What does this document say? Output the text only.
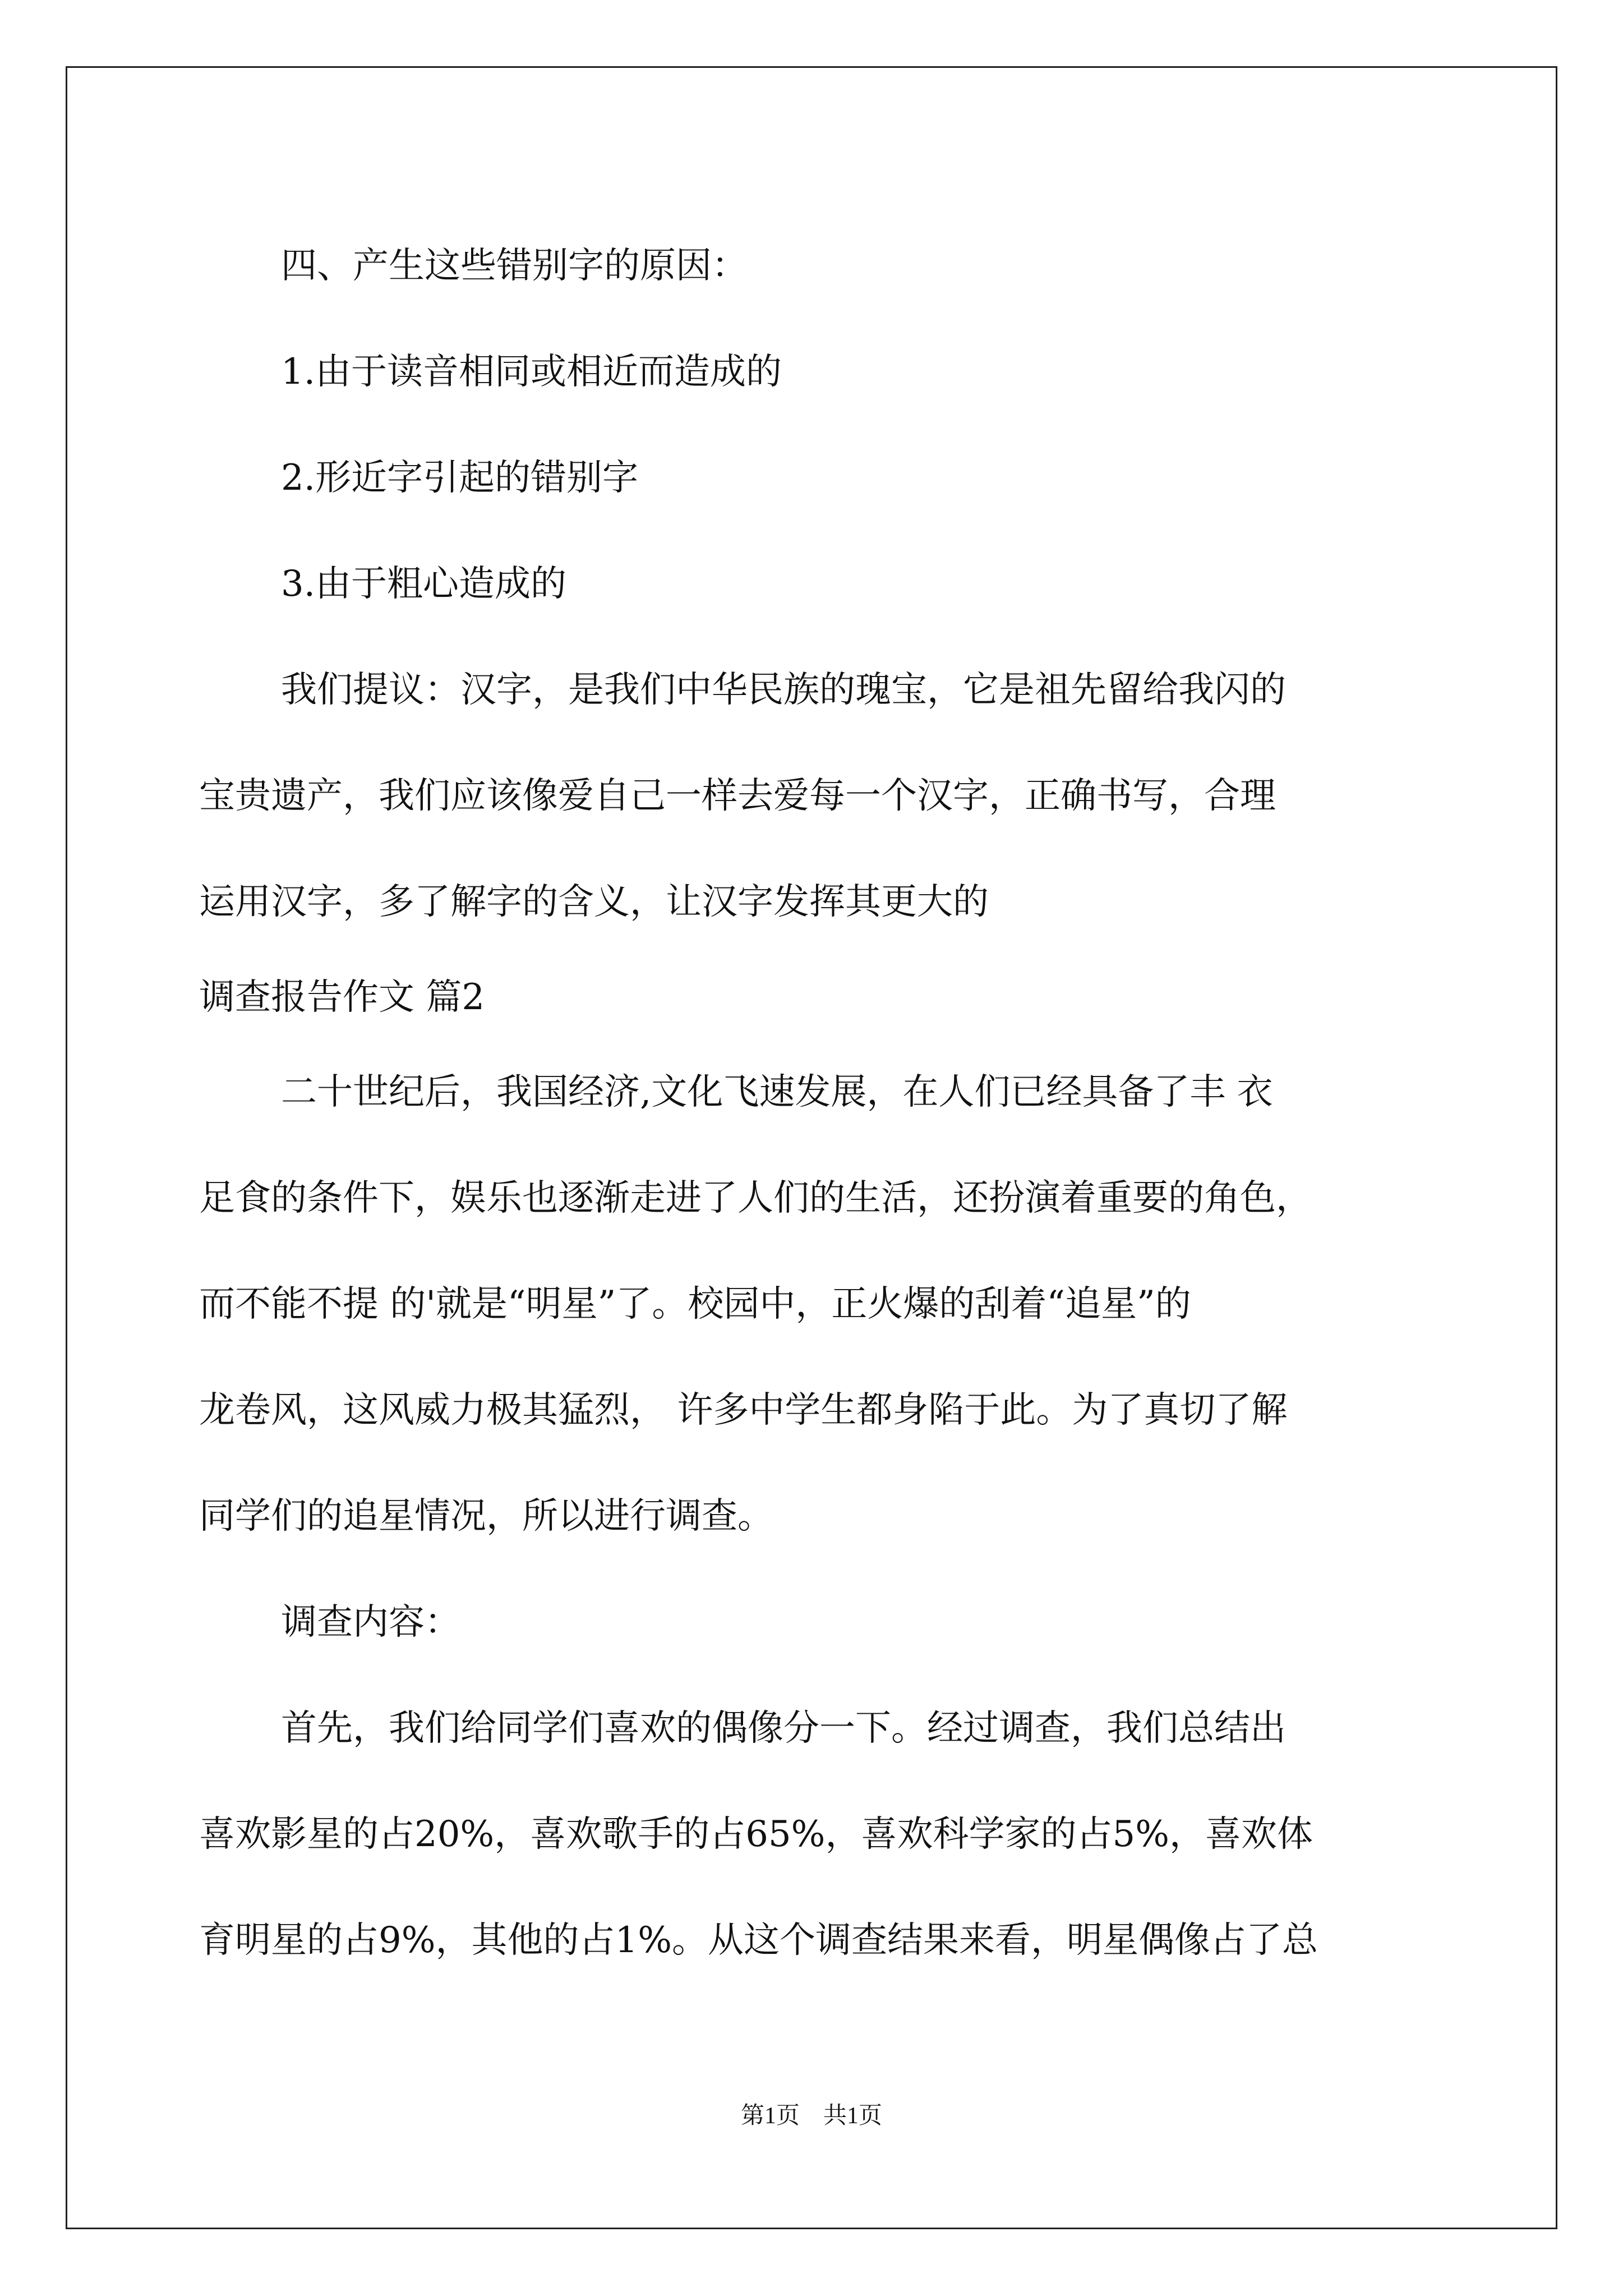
四、产生这些错别字的原因：

1.由于读音相同或相近而造成的

2.形近字引起的错别字

3.由于粗心造成的

我们提议：汉字，是我们中华民族的瑰宝，它是祖先留给我闪的

宝贵遗产，我们应该像爱自己一样去爱每一个汉字，正确书写，合理

运用汉字，多了解字的含义，让汉字发挥其更大的

调查报告作文 篇2

二十世纪后，我国经济,文化飞速发展，在人们已经具备了丰 衣

足食的条件下，娱乐也逐渐走进了人们的生活，还扮演着重要的角色，

而不能不提 的'就是“明星”了。校园中，正火爆的刮着“追星”的

龙卷风，这风威力极其猛烈， 许多中学生都身陷于此。为了真切了解

同学们的追星情况，所以进行调查。

调查内容：

首先，我们给同学们喜欢的偶像分一下。经过调查，我们总结出

喜欢影星的占20%，喜欢歌手的占65%，喜欢科学家的占5%，喜欢体

育明星的占9%，其他的占1%。从这个调查结果来看，明星偶像占了总

第1页　共1页
